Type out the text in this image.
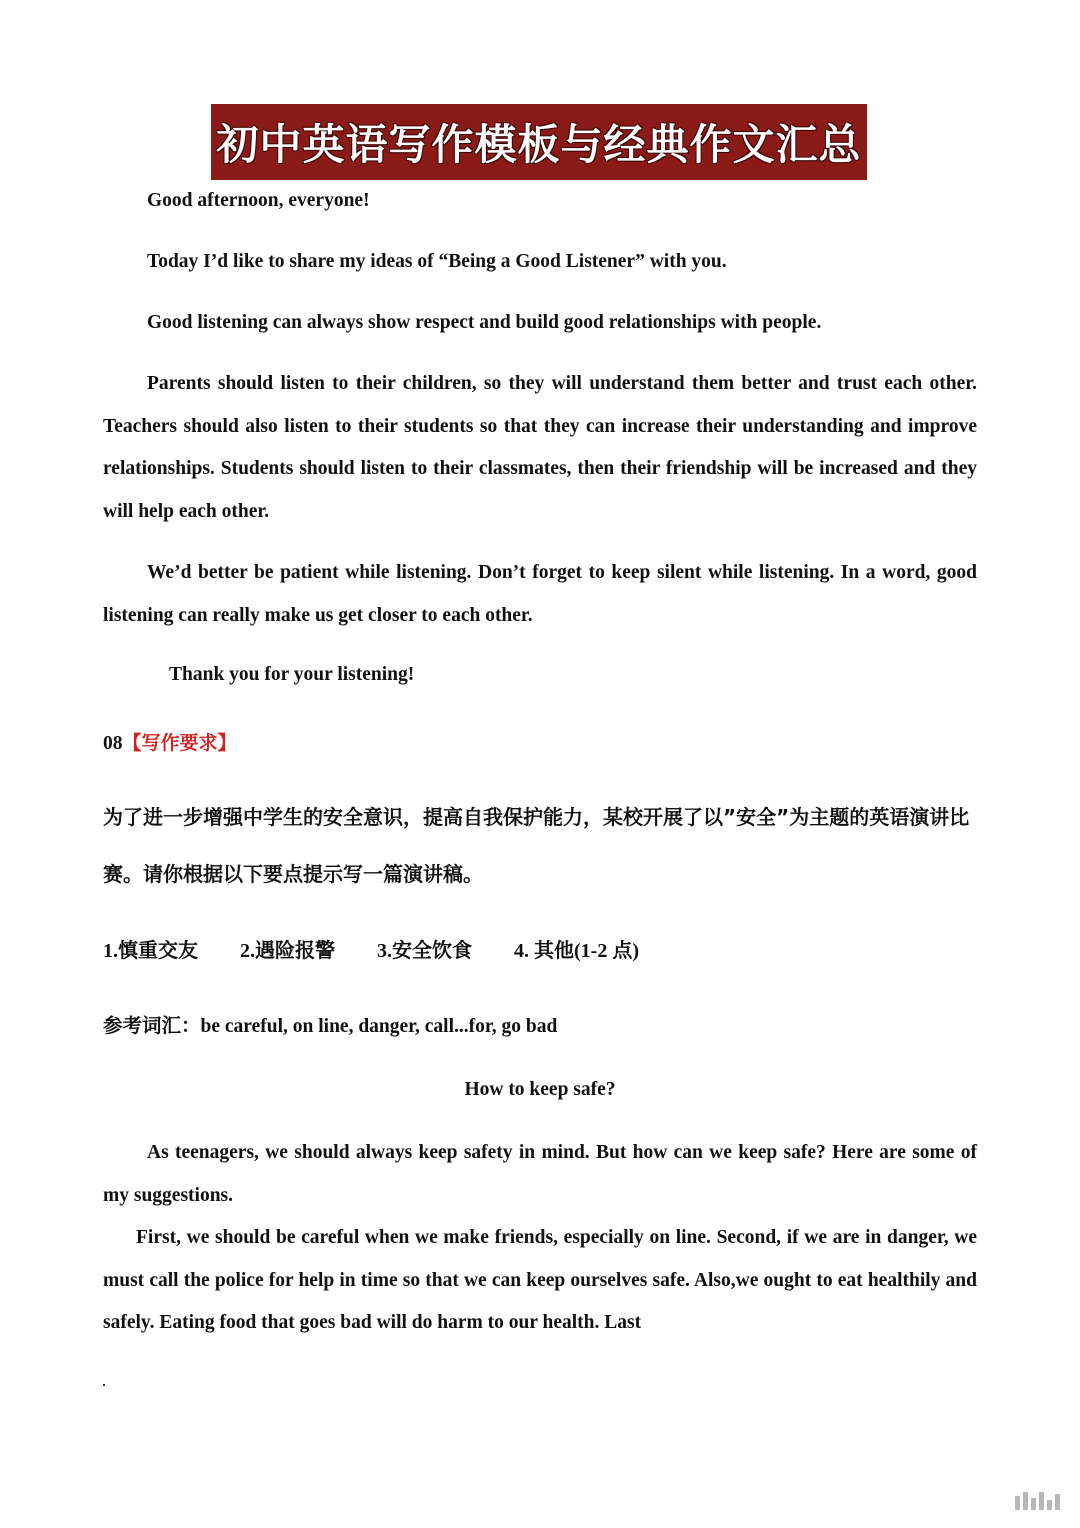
初中英语写作模板与经典作文汇总
Good afternoon, everyone!
Today I’d like to share my ideas of “Being a Good Listener” with you.
Good listening can always show respect and build good relationships with people.
Parents should listen to their children, so they will understand them better and trust each other. Teachers should also listen to their students so that they can increase their understanding and improve relationships. Students should listen to their classmates, then their friendship will be increased and they will help each other.
We’d better be patient while listening. Don’t forget to keep silent while listening. In a word, good listening can really make us get closer to each other.
Thank you for your listening!
08【写作要求】
为了进一步增强中学生的安全意识，提高自我保护能力，某校开展了以”安全”为主题的英语演讲比赛。请你根据以下要点提示写一篇演讲稿。
1.慎重交友 2.遇险报警 3.安全饮食 4. 其他(1-2 点)
参考词汇：be careful, on line, danger, call...for, go bad
How to keep safe?
As teenagers, we should always keep safety in mind. But how can we keep safe? Here are some of my suggestions.
First, we should be careful when we make friends, especially on line. Second, if we are in danger, we must call the police for help in time so that we can keep ourselves safe. Also,we ought to eat healthily and safely. Eating food that goes bad will do harm to our health. Last
